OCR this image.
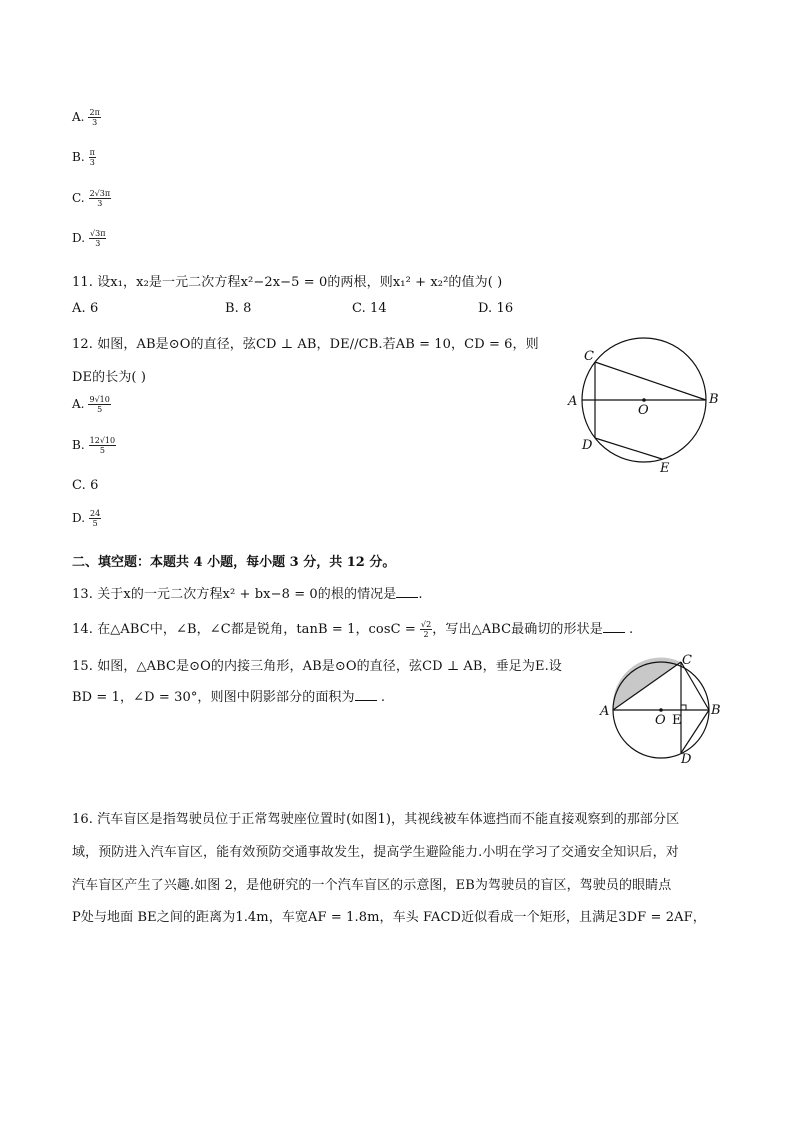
A. $\frac{2\pi}{3}$
B. $\frac{\pi}{3}$
C. $\frac{2√3\pi}{3}$
D. $\frac{√3\pi}{3}$
11. 设x₁，x₂是一元二次方程x²−2x−5 = 0的两根，则x₁² + x₂²的值为( )
A. 6	B. 8	C. 14	D. 16
12. 如图，AB是⊙O的直径，弦CD ⊥ AB，DE//CB.若AB = 10，CD = 6，则
DE的长为( )
A. $\frac{9√10}{5}$
B. $\frac{12√10}{5}$
C. 6
D. $\frac{24}{5}$
C
A	B
O
D
E
二、填空题：本题共 4 小题，每小题 3 分，共 12 分。
13. 关于x的一元二次方程x² + bx−8 = 0的根的情况是 .
14. 在△ABC中，∠B，∠C都是锐角，tanB = 1，$\cos C = \frac{√2}{2}$ ，写出△ABC最确切的形状是 .
15. 如图，△ABC是⊙O的内接三角形，AB是⊙O的直径，弦CD ⊥ AB，垂足为E.设
BD = 1，∠D = 30°，则图中阴影部分的面积为 .
C
A	B
O E
D
16. 汽车盲区是指驾驶员位于正常驾驶座位置时(如图1)，其视线被车体遮挡而不能直接观察到的那部分区
域，预防进入汽车盲区，能有效预防交通事故发生，提高学生避险能力.小明在学习了交通安全知识后，对
汽车盲区产生了兴趣.如图 2，是他研究的一个汽车盲区的示意图，EB为驾驶员的盲区，驾驶员的眼睛点
P处与地面 BE之间的距离为1.4m，车宽AF = 1.8m，车头 FACD近似看成一个矩形，且满足3DF = 2AF，
